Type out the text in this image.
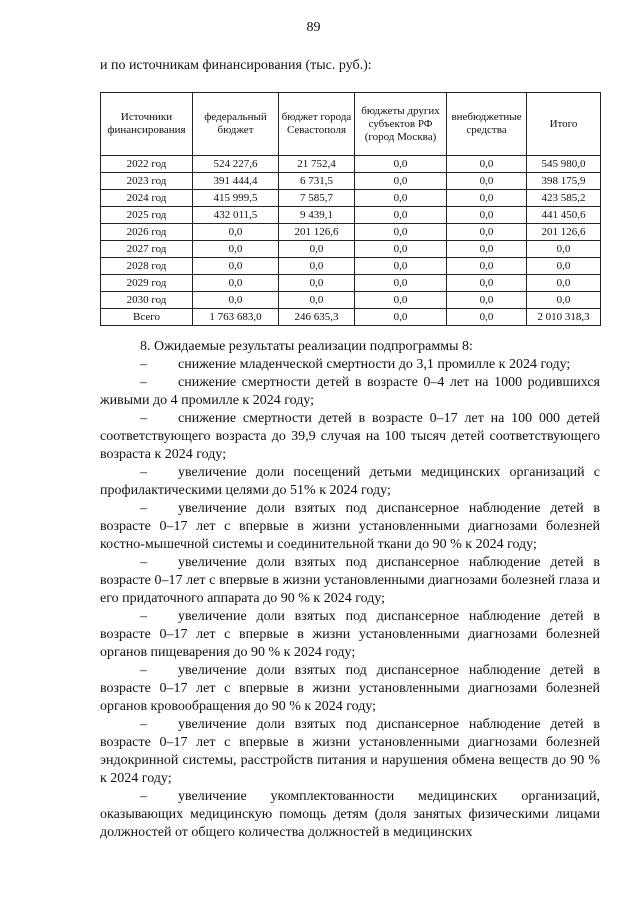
89
и по источникам финансирования (тыс. руб.):
Источники финансирования	федеральный бюджет	бюджет города Севастополя	бюджеты других субъектов РФ (город Москва)	внебюджетные средства	Итого
2022 год	524 227,6	21 752,4	0,0	0,0	545 980,0
2023 год	391 444,4	6 731,5	0,0	0,0	398 175,9
2024 год	415 999,5	7 585,7	0,0	0,0	423 585,2
2025 год	432 011,5	9 439,1	0,0	0,0	441 450,6
2026 год	0,0	201 126,6	0,0	0,0	201 126,6
2027 год	0,0	0,0	0,0	0,0	0,0
2028 год	0,0	0,0	0,0	0,0	0,0
2029 год	0,0	0,0	0,0	0,0	0,0
2030 год	0,0	0,0	0,0	0,0	0,0
Всего	1 763 683,0	246 635,3	0,0	0,0	2 010 318,3

8. Ожидаемые результаты реализации подпрограммы 8:

– снижение младенческой смертности до 3,1 промилле к 2024 году;

– снижение смертности детей в возрасте 0–4 лет на 1000 родившихся живыми до 4 промилле к 2024 году;

– снижение смертности детей в возрасте 0–17 лет на 100 000 детей соответствующего возраста до 39,9 случая на 100 тысяч детей соответствующего возраста к 2024 году;

– увеличение доли посещений детьми медицинских организаций с профилактическими целями до 51% к 2024 году;

– увеличение доли взятых под диспансерное наблюдение детей в возрасте 0–17 лет с впервые в жизни установленными диагнозами болезней костно-мышечной системы и соединительной ткани до 90 % к 2024 году;

– увеличение доли взятых под диспансерное наблюдение детей в возрасте 0–17 лет с впервые в жизни установленными диагнозами болезней глаза и его придаточного аппарата до 90 % к 2024 году;

– увеличение доли взятых под диспансерное наблюдение детей в возрасте 0–17 лет с впервые в жизни установленными диагнозами болезней органов пищеварения до 90 % к 2024 году;

– увеличение доли взятых под диспансерное наблюдение детей в возрасте 0–17 лет с впервые в жизни установленными диагнозами болезней органов кровообращения до 90 % к 2024 году;

– увеличение доли взятых под диспансерное наблюдение детей в возрасте 0–17 лет с впервые в жизни установленными диагнозами болезней эндокринной системы, расстройств питания и нарушения обмена веществ до 90 % к 2024 году;

– увеличение укомплектованности медицинских организаций, оказывающих медицинскую помощь детям (доля занятых физическими лицами должностей от общего количества должностей в медицинских
